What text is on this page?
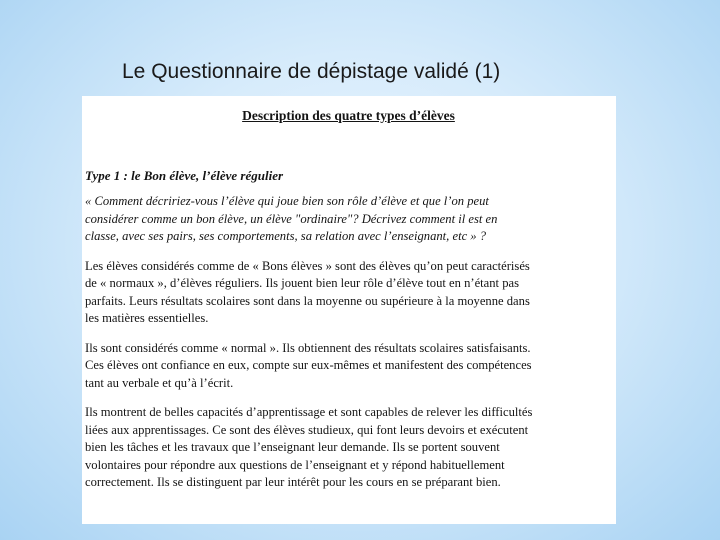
Le Questionnaire de dépistage validé (1)
Description des quatre types d’élèves
Type 1 : le Bon élève, l’élève régulier
« Comment décririez-vous l’élève qui joue bien son rôle d’élève et que l’on peut
considérer comme un bon élève, un élève "ordinaire"? Décrivez comment il est en
classe, avec ses pairs, ses comportements, sa relation avec l’enseignant, etc » ?
Les élèves considérés comme de « Bons élèves » sont des élèves qu’on peut caractérisés
de « normaux », d’élèves réguliers. Ils jouent bien leur rôle d’élève tout en n’étant pas
parfaits. Leurs résultats scolaires sont dans la moyenne ou supérieure à la moyenne dans
les matières essentielles.
Ils sont considérés comme « normal ». Ils obtiennent des résultats scolaires satisfaisants.
Ces élèves ont confiance en eux, compte sur eux-mêmes et manifestent des compétences
tant au verbale et qu’à l’écrit.
Ils montrent de belles capacités d’apprentissage et sont capables de relever les difficultés
liées aux apprentissages. Ce sont des élèves studieux, qui font leurs devoirs et exécutent
bien les tâches et les travaux que l’enseignant leur demande. Ils se portent souvent
volontaires pour répondre aux questions de l’enseignant et y répond habituellement
correctement. Ils se distinguent par leur intérêt pour les cours en se préparant bien.
